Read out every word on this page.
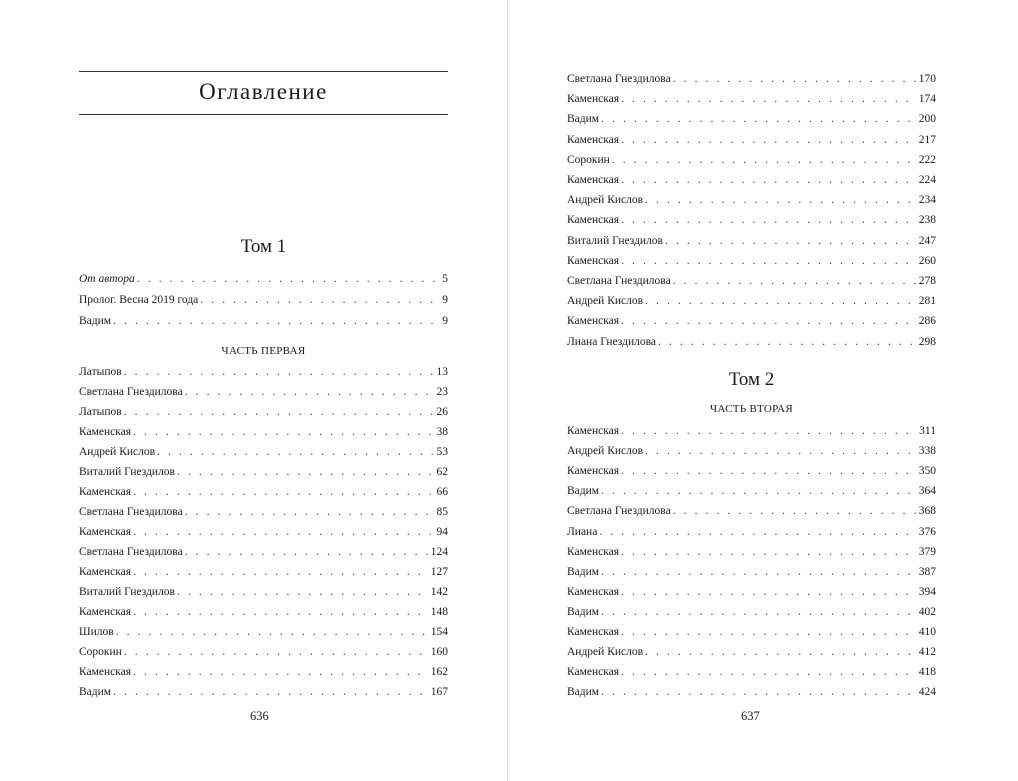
Оглавление
Том 1
От автора . . .	5
Пролог. Весна 2019 года . . .	9
Вадим . . .	9
ЧАСТЬ ПЕРВАЯ
Латыпов . . .	13
Светлана Гнездилова . . .	23
Латыпов . . .	26
Каменская . . .	38
Андрей Кислов . . .	53
Виталий Гнездилов . . .	62
Каменская . . .	66
Светлана Гнездилова . . .	85
Каменская . . .	94
Светлана Гнездилова . . .	124
Каменская . . .	127
Виталий Гнездилов . . .	142
Каменская . . .	148
Шилов . . .	154
Сорокин . . .	160
Каменская . . .	162
Вадим . . .	167
636
Светлана Гнездилова . . .	170
Каменская . . .	174
Вадим . . .	200
Каменская . . .	217
Сорокин . . .	222
Каменская . . .	224
Андрей Кислов . . .	234
Каменская . . .	238
Виталий Гнездилов . . .	247
Каменская . . .	260
Светлана Гнездилова . . .	278
Андрей Кислов . . .	281
Каменская . . .	286
Лиана Гнездилова . . .	298
Том 2
ЧАСТЬ ВТОРАЯ
Каменская . . .	311
Андрей Кислов . . .	338
Каменская . . .	350
Вадим . . .	364
Светлана Гнездилова . . .	368
Лиана . . .	376
Каменская . . .	379
Вадим . . .	387
Каменская . . .	394
Вадим . . .	402
Каменская . . .	410
Андрей Кислов . . .	412
Каменская . . .	418
Вадим . . .	424
637
